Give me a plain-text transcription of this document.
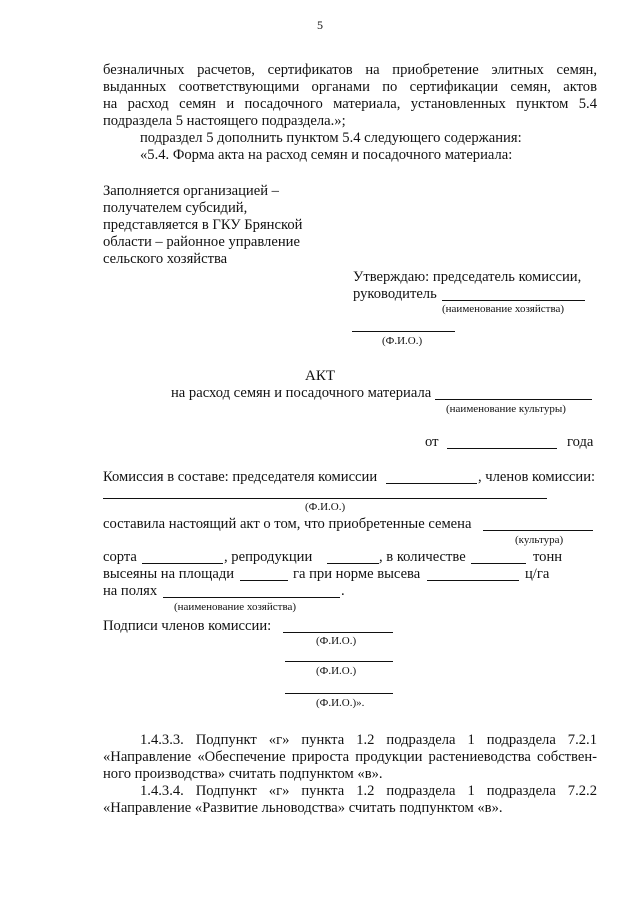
5
безналичных расчетов, сертификатов на приобретение элитных семян,
выданных соответствующими органами по сертификации семян, актов
на расход семян и посадочного материала, установленных пунктом 5.4
подраздела 5 настоящего подраздела.»;
подраздел 5 дополнить пунктом 5.4 следующего содержания:
«5.4. Форма акта на расход семян и посадочного материала:
Заполняется организацией –
получателем субсидий,
представляется в ГКУ Брянской
области – районное управление
сельского хозяйства
Утверждаю: председатель комиссии,
руководитель
(наименование хозяйства)
(Ф.И.О.)
АКТ
на расход семян и посадочного материала
(наименование культуры)
от	года
Комиссия в составе: председателя комиссии	, членов комиссии:
(Ф.И.О.)
составила настоящий акт о том, что приобретенные семена
(культура)
сорта	, репродукции	, в количестве	тонн
высеяны на площади	га при норме высева	ц/га
на полях	.
(наименование хозяйства)
Подписи членов комиссии:
(Ф.И.О.)
(Ф.И.О.)
(Ф.И.О.)».
1.4.3.3. Подпункт «г» пункта 1.2 подраздела 1 подраздела 7.2.1
«Направление «Обеспечение прироста продукции растениеводства собствен-
ного производства» считать подпунктом «в».
1.4.3.4. Подпункт «г» пункта 1.2 подраздела 1 подраздела 7.2.2
«Направление «Развитие льноводства» считать подпунктом «в».
